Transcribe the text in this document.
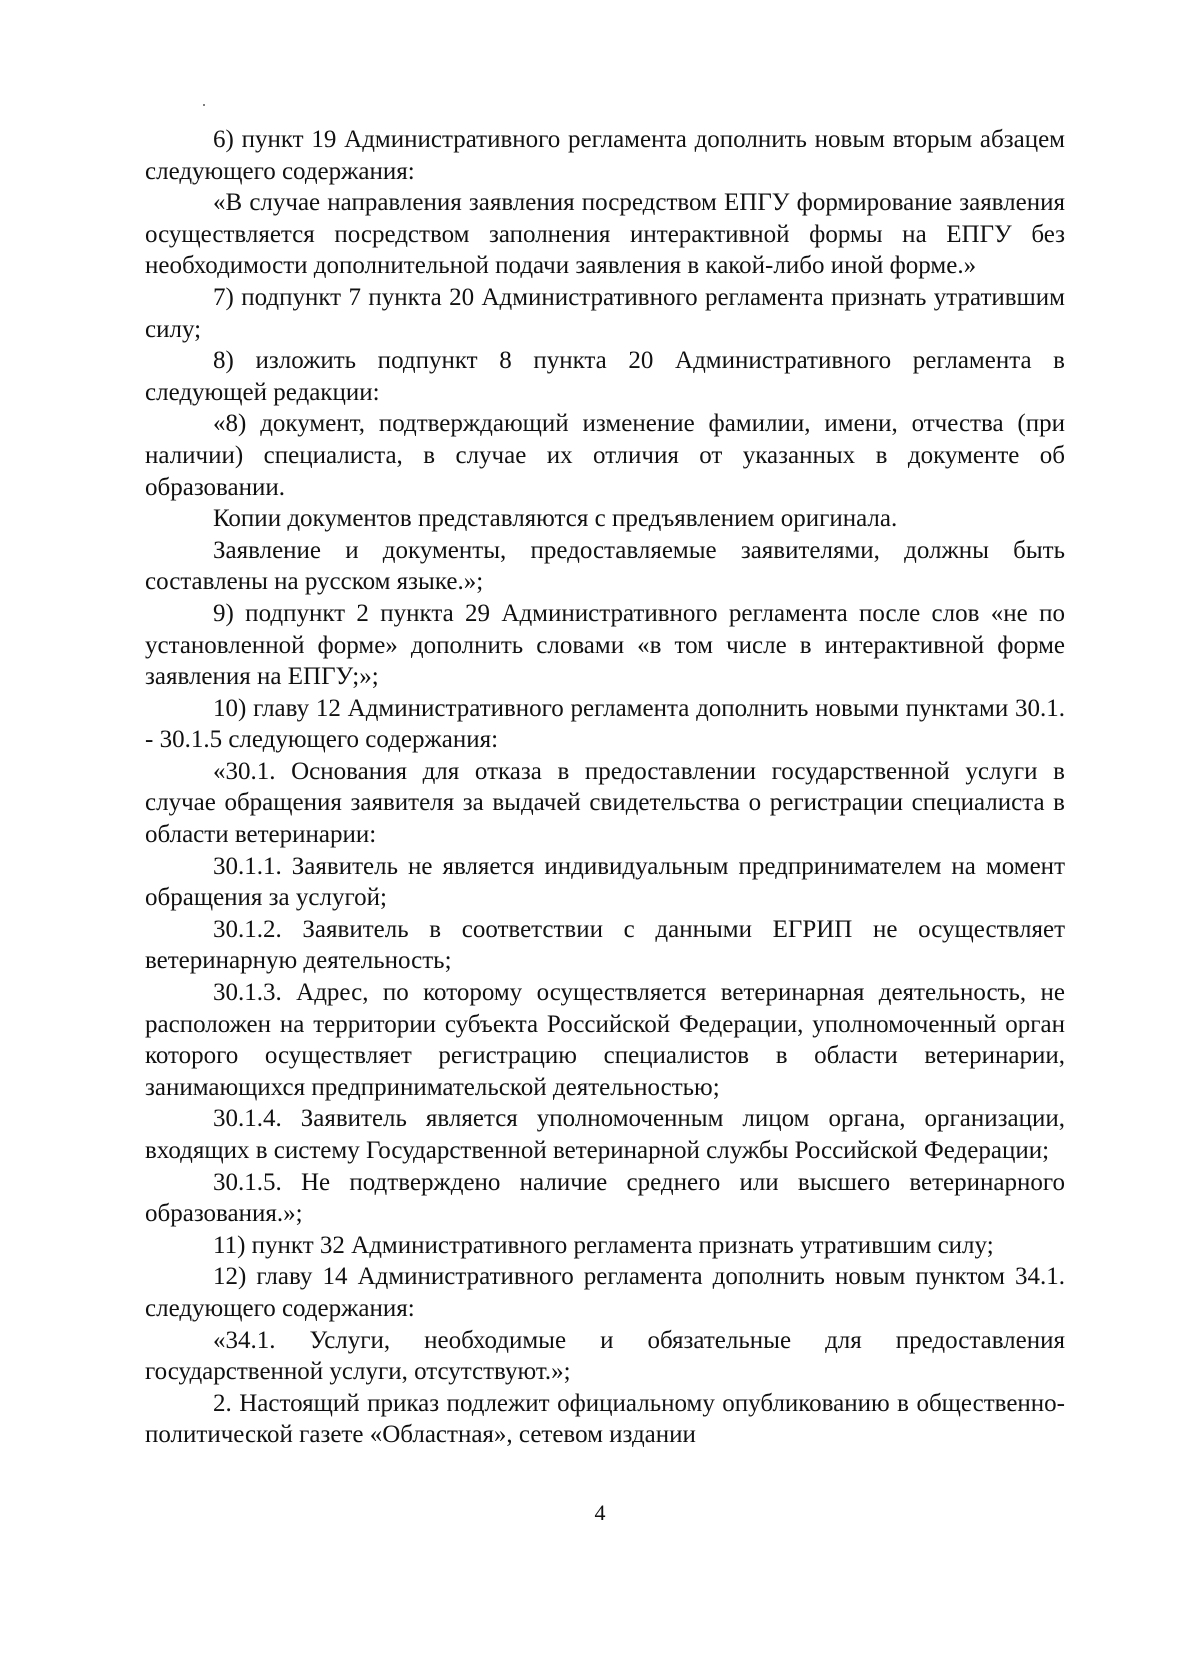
6) пункт 19 Административного регламента дополнить новым вторым абзацем следующего содержания:

«В случае направления заявления посредством ЕПГУ формирование заявления осуществляется посредством заполнения интерактивной формы на ЕПГУ без необходимости дополнительной подачи заявления в какой-либо иной форме.»

7) подпункт 7 пункта 20 Административного регламента признать утратившим силу;

8) изложить подпункт 8 пункта 20 Административного регламента в следующей редакции:

«8) документ, подтверждающий изменение фамилии, имени, отчества (при наличии) специалиста, в случае их отличия от указанных в документе об образовании.

Копии документов представляются с предъявлением оригинала.

Заявление и документы, предоставляемые заявителями, должны быть составлены на русском языке.»;

9) подпункт 2 пункта 29 Административного регламента после слов «не по установленной форме» дополнить словами «в том числе в интерактивной форме заявления на ЕПГУ;»;

10) главу 12 Административного регламента дополнить новыми пунктами 30.1. - 30.1.5 следующего содержания:

«30.1. Основания для отказа в предоставлении государственной услуги в случае обращения заявителя за выдачей свидетельства о регистрации специалиста в области ветеринарии:

30.1.1. Заявитель не является индивидуальным предпринимателем на момент обращения за услугой;

30.1.2. Заявитель в соответствии с данными ЕГРИП не осуществляет ветеринарную деятельность;

30.1.3. Адрес, по которому осуществляется ветеринарная деятельность, не расположен на территории субъекта Российской Федерации, уполномоченный орган которого осуществляет регистрацию специалистов в области ветеринарии, занимающихся предпринимательской деятельностью;

30.1.4. Заявитель является уполномоченным лицом органа, организации, входящих в систему Государственной ветеринарной службы Российской Федерации;

30.1.5. Не подтверждено наличие среднего или высшего ветеринарного образования.»;

11) пункт 32 Административного регламента признать утратившим силу;

12) главу 14 Административного регламента дополнить новым пунктом 34.1. следующего содержания:

«34.1. Услуги, необходимые и обязательные для предоставления государственной услуги, отсутствуют.»;

2. Настоящий приказ подлежит официальному опубликованию в общественно-политической газете «Областная», сетевом издании

4
